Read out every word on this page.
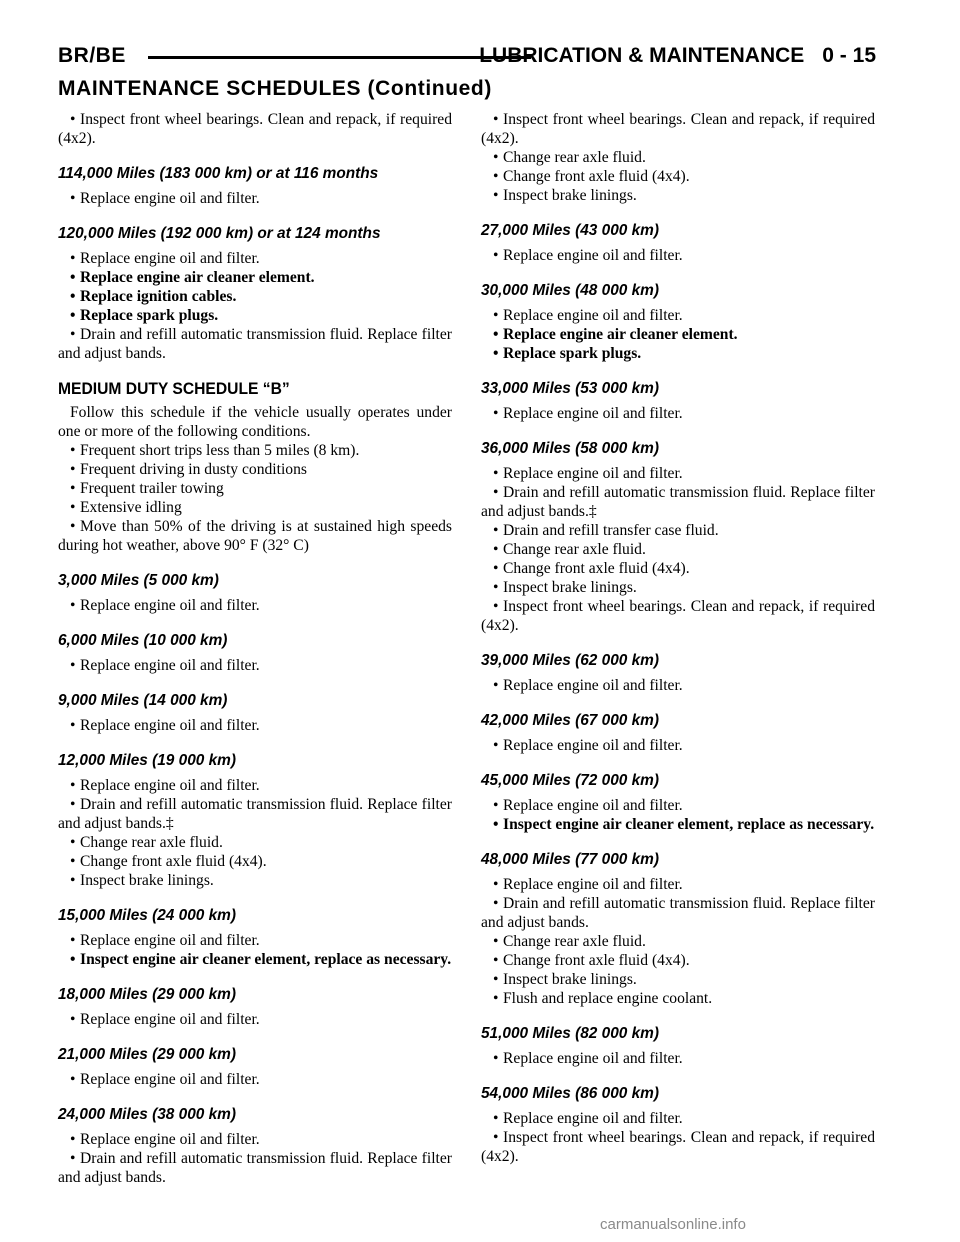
BR/BE	LUBRICATION & MAINTENANCE 0 - 15
MAINTENANCE SCHEDULES (Continued)

• Inspect front wheel bearings. Clean and repack, if required (4x2).

114,000 Miles (183 000 km) or at 116 months

• Replace engine oil and filter.

120,000 Miles (192 000 km) or at 124 months

• Replace engine oil and filter.

• Replace engine air cleaner element.

• Replace ignition cables.

• Replace spark plugs.

• Drain and refill automatic transmission fluid. Replace filter and adjust bands.

MEDIUM DUTY SCHEDULE “B”

Follow this schedule if the vehicle usually operates under one or more of the following conditions.

• Frequent short trips less than 5 miles (8 km).

• Frequent driving in dusty conditions

• Frequent trailer towing

• Extensive idling

• Move than 50% of the driving is at sustained high speeds during hot weather, above 90° F (32° C)

3,000 Miles (5 000 km)

• Replace engine oil and filter.

6,000 Miles (10 000 km)

• Replace engine oil and filter.

9,000 Miles (14 000 km)

• Replace engine oil and filter.

12,000 Miles (19 000 km)

• Replace engine oil and filter.

• Drain and refill automatic transmission fluid. Replace filter and adjust bands.‡

• Change rear axle fluid.

• Change front axle fluid (4x4).

• Inspect brake linings.

15,000 Miles (24 000 km)

• Replace engine oil and filter.

• Inspect engine air cleaner element, replace as necessary.

18,000 Miles (29 000 km)

• Replace engine oil and filter.

21,000 Miles (29 000 km)

• Replace engine oil and filter.

24,000 Miles (38 000 km)

• Replace engine oil and filter.

• Drain and refill automatic transmission fluid. Replace filter and adjust bands.

• Inspect front wheel bearings. Clean and repack, if required (4x2).

• Change rear axle fluid.

• Change front axle fluid (4x4).

• Inspect brake linings.

27,000 Miles (43 000 km)

• Replace engine oil and filter.

30,000 Miles (48 000 km)

• Replace engine oil and filter.

• Replace engine air cleaner element.

• Replace spark plugs.

33,000 Miles (53 000 km)

• Replace engine oil and filter.

36,000 Miles (58 000 km)

• Replace engine oil and filter.

• Drain and refill automatic transmission fluid. Replace filter and adjust bands.‡

• Drain and refill transfer case fluid.

• Change rear axle fluid.

• Change front axle fluid (4x4).

• Inspect brake linings.

• Inspect front wheel bearings. Clean and repack, if required (4x2).

39,000 Miles (62 000 km)

• Replace engine oil and filter.

42,000 Miles (67 000 km)

• Replace engine oil and filter.

45,000 Miles (72 000 km)

• Replace engine oil and filter.

• Inspect engine air cleaner element, replace as necessary.

48,000 Miles (77 000 km)

• Replace engine oil and filter.

• Drain and refill automatic transmission fluid. Replace filter and adjust bands.

• Change rear axle fluid.

• Change front axle fluid (4x4).

• Inspect brake linings.

• Flush and replace engine coolant.

51,000 Miles (82 000 km)

• Replace engine oil and filter.

54,000 Miles (86 000 km)

• Replace engine oil and filter.

• Inspect front wheel bearings. Clean and repack, if required (4x2).

carmanualsonline.info
